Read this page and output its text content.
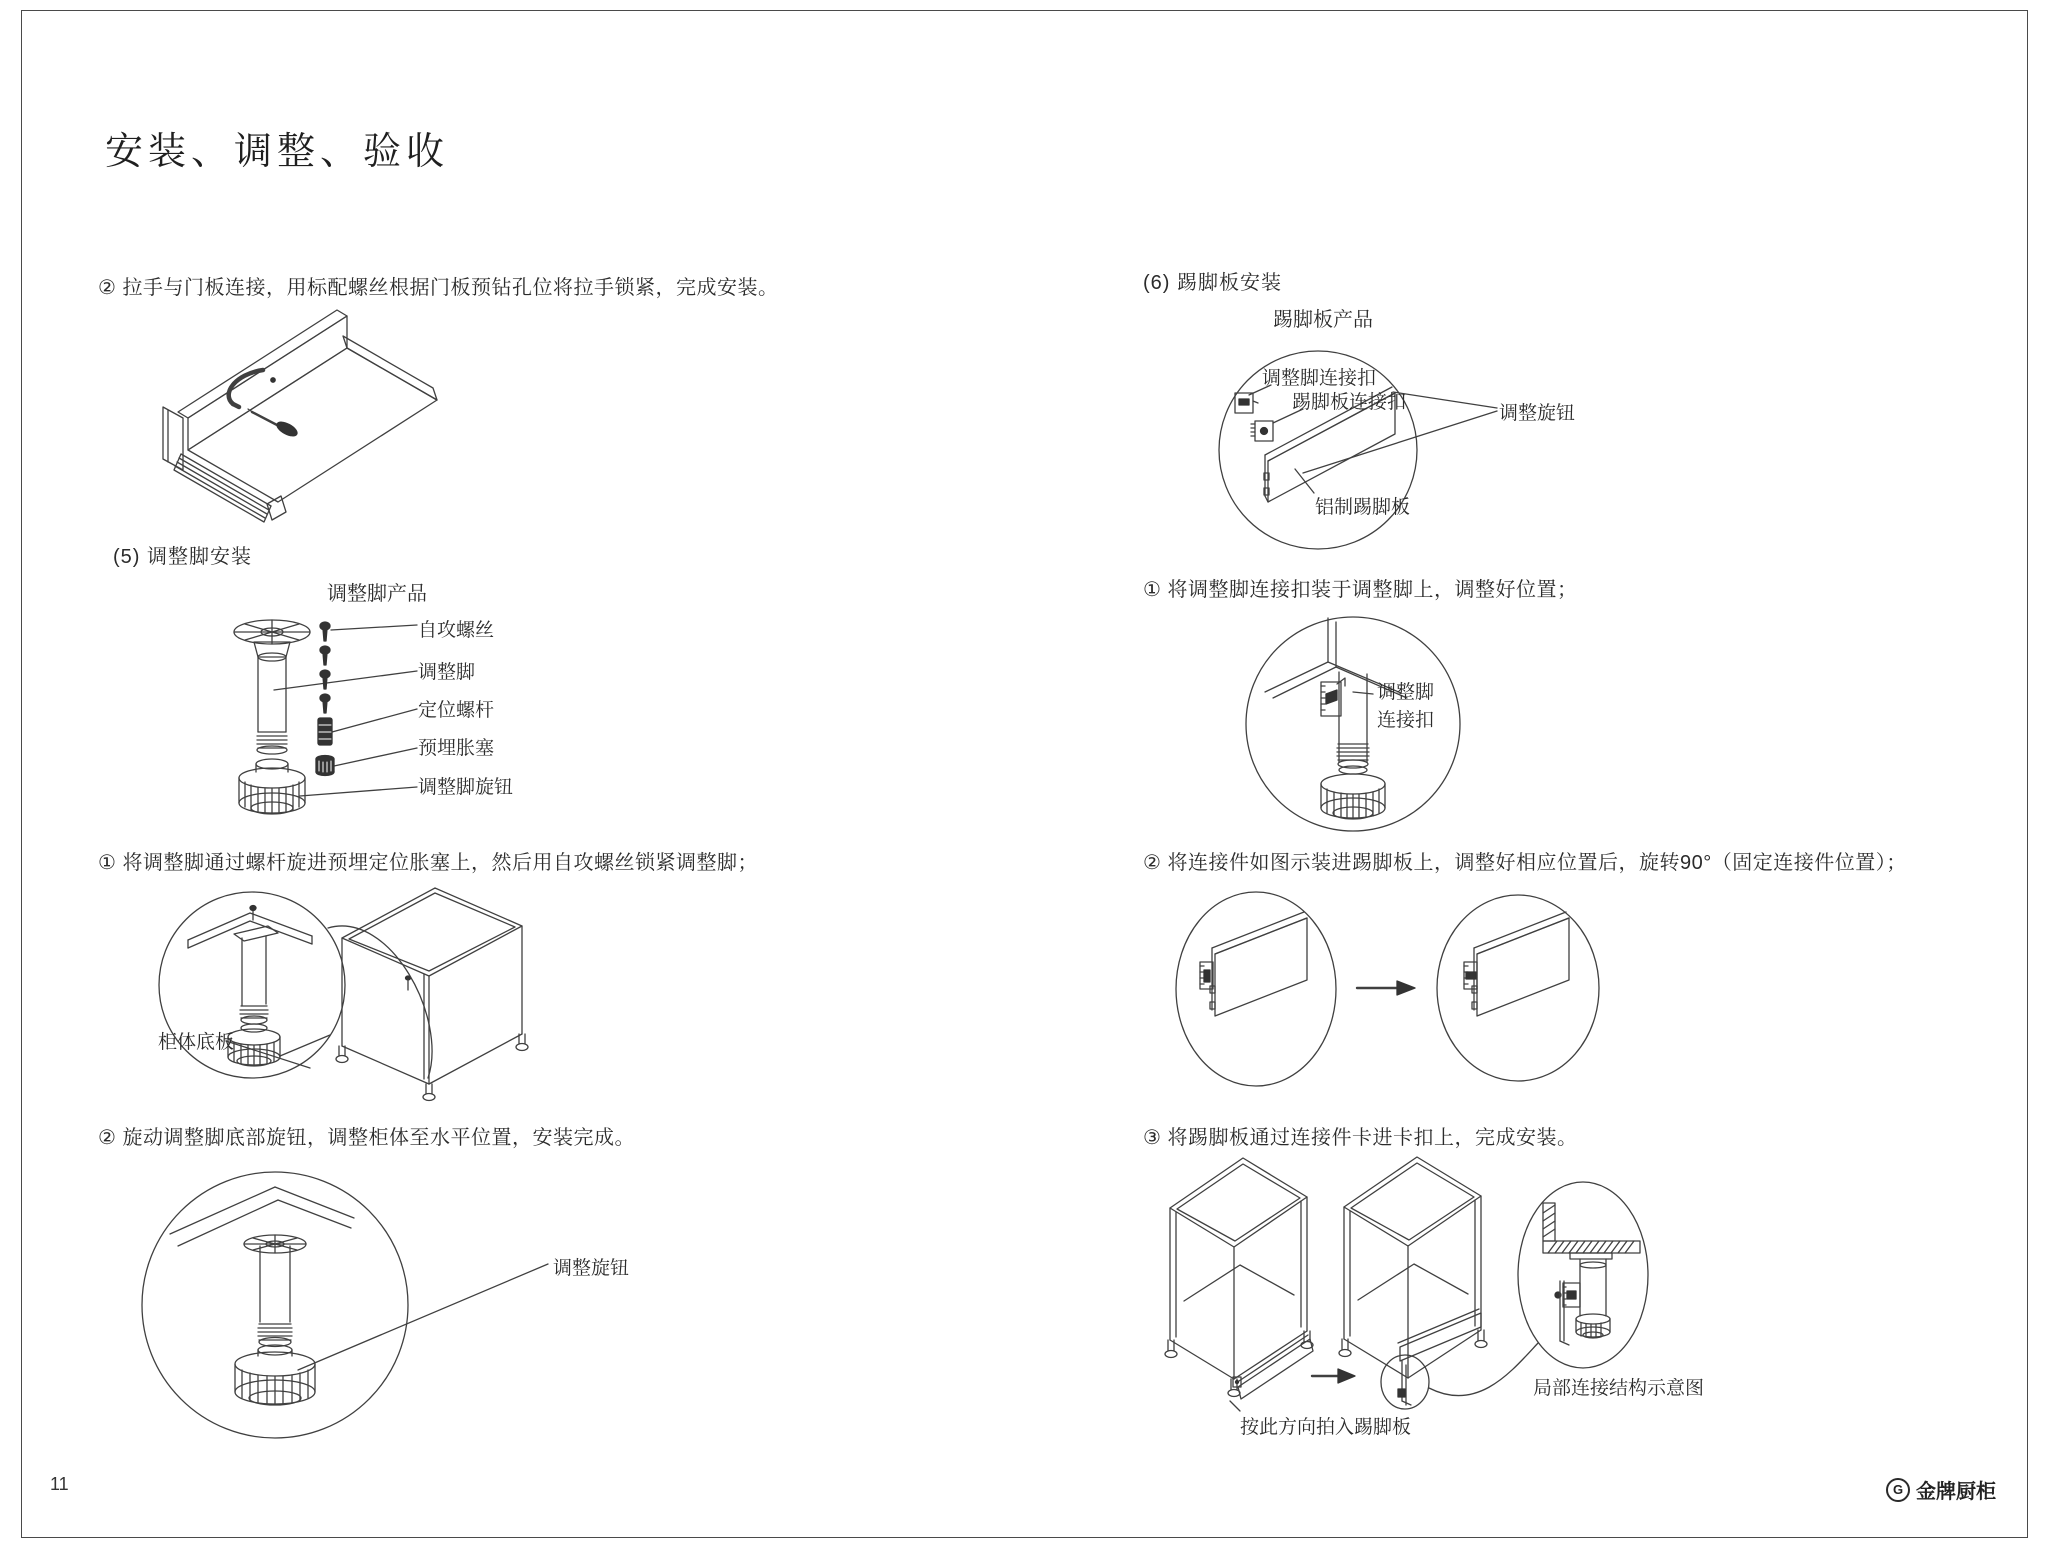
安装、调整、验收
② 拉手与门板连接，用标配螺丝根据门板预钻孔位将拉手锁紧，完成安装。
(5) 调整脚安装
调整脚产品
自攻螺丝
调整脚
定位螺杆
预埋胀塞
调整脚旋钮
① 将调整脚通过螺杆旋进预埋定位胀塞上，然后用自攻螺丝锁紧调整脚；
柜体底板
② 旋动调整脚底部旋钮，调整柜体至水平位置，安装完成。
调整旋钮
(6) 踢脚板安装
踢脚板产品
调整脚连接扣
踢脚板连接扣
调整旋钮
铝制踢脚板
① 将调整脚连接扣装于调整脚上，调整好位置；
调整脚
连接扣
② 将连接件如图示装进踢脚板上，调整好相应位置后，旋转90°（固定连接件位置）；
③ 将踢脚板通过连接件卡进卡扣上，完成安装。
按此方向拍入踢脚板
局部连接结构示意图
11	G 金牌厨柜
